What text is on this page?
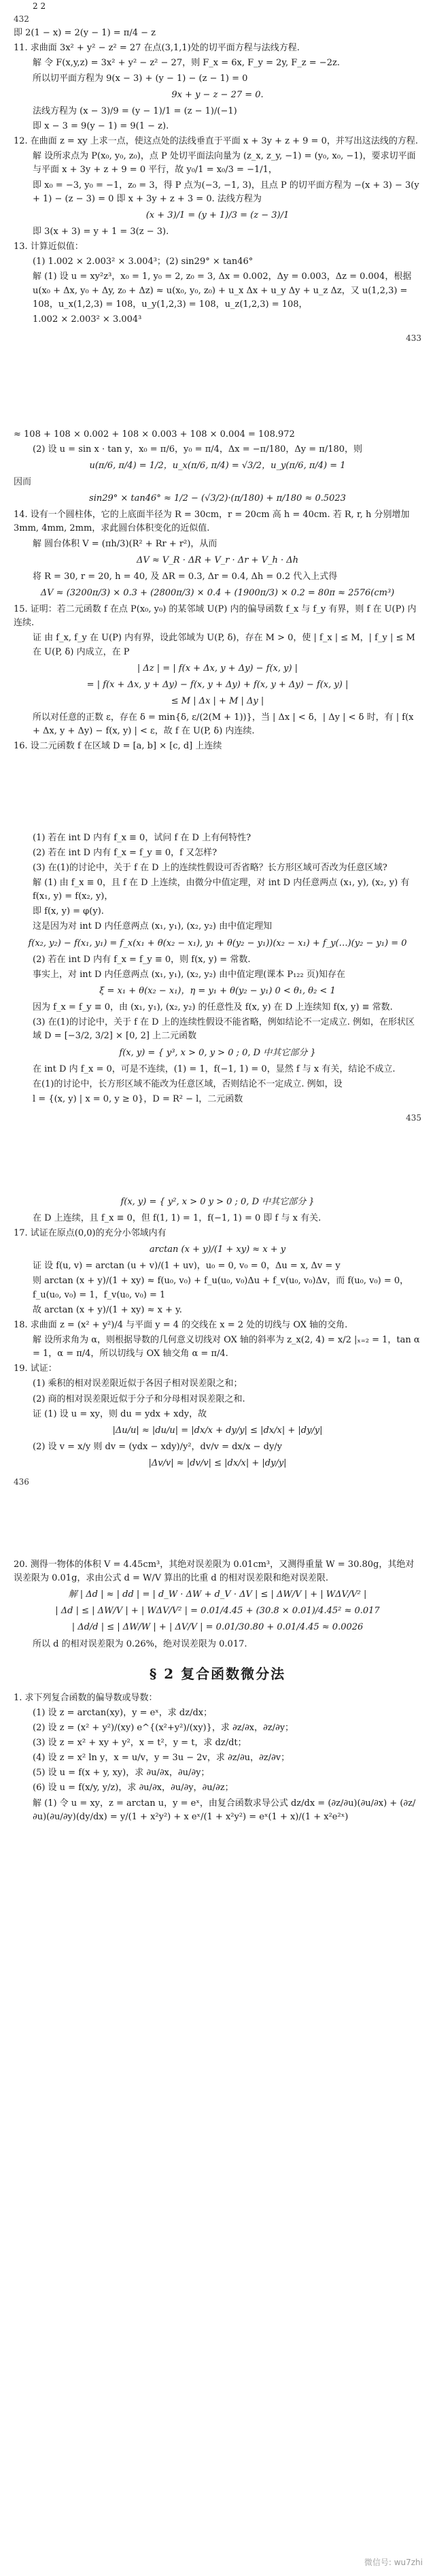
2 2
432

即 2(1 − x) = 2(y − 1) = π/4 − z

11. 求曲面 3x² + y² − z² = 27 在点(3,1,1)处的切平面方程与法线方程.

解 令 F(x,y,z) = 3x² + y² − z² − 27，则 F_x = 6x, F_y = 2y, F_z = −2z.

所以切平面方程为 9(x − 3) + (y − 1) − (z − 1) = 0

9x + y − z − 27 = 0.

法线方程为 (x − 3)/9 = (y − 1)/1 = (z − 1)/(−1)

即 x − 3 = 9(y − 1) = 9(1 − z).

12. 在曲面 z = xy 上求一点，使这点处的法线垂直于平面 x + 3y + z + 9 = 0，并写出这法线的方程.

解 设所求点为 P(x₀, y₀, z₀)，点 P 处切平面法向量为 (z_x, z_y, −1) = (y₀, x₀, −1)，要求切平面与平面 x + 3y + z + 9 = 0 平行，故 y₀/1 = x₀/3 = −1/1，

即 x₀ = −3, y₀ = −1，z₀ = 3，得 P 点为(−3, −1, 3)，且点 P 的切平面方程为 −(x + 3) − 3(y + 1) − (z − 3) = 0 即 x + 3y + z + 3 = 0. 法线方程为

(x + 3)/1 = (y + 1)/3 = (z − 3)/1

即 3(x + 3) = y + 1 = 3(z − 3).

13. 计算近似值：

(1) 1.002 × 2.003² × 3.004³；(2) sin29° × tan46°

解 (1) 设 u = xy²z³，x₀ = 1, y₀ = 2, z₀ = 3, Δx = 0.002，Δy = 0.003，Δz = 0.004，根据 u(x₀ + Δx, y₀ + Δy, z₀ + Δz) ≈ u(x₀, y₀, z₀) + u_x Δx + u_y Δy + u_z Δz，又 u(1,2,3) = 108，u_x(1,2,3) = 108，u_y(1,2,3) = 108，u_z(1,2,3) = 108，

1.002 × 2.003² × 3.004³

433

≈ 108 + 108 × 0.002 + 108 × 0.003 + 108 × 0.004 = 108.972

(2) 设 u = sin x · tan y，x₀ = π/6，y₀ = π/4，Δx = −π/180，Δy = π/180，则

u(π/6, π/4) = 1/2，u_x(π/6, π/4) = √3/2，u_y(π/6, π/4) = 1

因而

sin29° × tan46° ≈ 1/2 − (√3/2)·(π/180) + π/180 ≈ 0.5023

14. 设有一个圆柱体，它的上底面半径为 R = 30cm，r = 20cm 高 h = 40cm. 若 R, r, h 分别增加 3mm, 4mm, 2mm，求此圆台体积变化的近似值.

解 圆台体积 V = (πh/3)(R² + Rr + r²)，从而

ΔV ≈ V_R · ΔR + V_r · Δr + V_h · Δh

将 R = 30, r = 20, h = 40, 及 ΔR = 0.3, Δr = 0.4, Δh = 0.2 代入上式得

ΔV ≈ (3200π/3) × 0.3 + (2800π/3) × 0.4 + (1900π/3) × 0.2 = 80π ≈ 2576(cm³)

15. 证明：若二元函数 f 在点 P(x₀, y₀) 的某邻域 U(P) 内的偏导函数 f_x 与 f_y 有界，则 f 在 U(P) 内连续.

证 由 f_x, f_y 在 U(P) 内有界，设此邻域为 U(P, δ)，存在 M > 0，使 | f_x | ≤ M，| f_y | ≤ M 在 U(P, δ) 内成立，在 P

| Δz | = | f(x + Δx, y + Δy) − f(x, y) |

= | f(x + Δx, y + Δy) − f(x, y + Δy) + f(x, y + Δy) − f(x, y) |

≤ M | Δx | + M | Δy |

所以对任意的正数 ε，存在 δ = min{δ, ε/(2(M + 1))}，当 | Δx | < δ，| Δy | < δ 时，有 | f(x + Δx, y + Δy) − f(x, y) | < ε，故 f 在 U(P, δ) 内连续.

16. 设二元函数 f 在区域 D = [a, b] × [c, d] 上连续

(1) 若在 int D 内有 f_x ≡ 0，试问 f 在 D 上有何特性?

(2) 若在 int D 内有 f_x = f_y ≡ 0，f 又怎样?

(3) 在(1)的讨论中，关于 f 在 D 上的连续性假设可否省略？长方形区域可否改为任意区域?

解 (1) 由 f_x ≡ 0，且 f 在 D 上连续，由微分中值定理，对 int D 内任意两点 (x₁, y), (x₂, y) 有 f(x₁, y) = f(x₂, y)，

即 f(x, y) = φ(y).

这是因为对 int D 内任意两点 (x₁, y₁), (x₂, y₂) 由中值定理知

f(x₂, y₂) − f(x₁, y₁) = f_x(x₁ + θ(x₂ − x₁), y₁ + θ(y₂ − y₁))(x₂ − x₁) + f_y(…)(y₂ − y₁) = 0

(2) 若在 int D 内有 f_x = f_y ≡ 0，则 f(x, y) = 常数.

事实上，对 int D 内任意两点 (x₁, y₁), (x₂, y₂) 由中值定理(课本 P₁₂₂ 页)知存在

ξ = x₁ + θ(x₂ − x₁)，η = y₁ + θ(y₂ − y₁) 0 < θ₁, θ₂ < 1

因为 f_x = f_y ≡ 0，由 (x₁, y₁), (x₂, y₂) 的任意性及 f(x, y) 在 D 上连续知 f(x, y) ≡ 常数.

(3) 在(1)的讨论中，关于 f 在 D 上的连续性假设不能省略，例如结论不一定成立. 例如，在形状区域 D = [−3/2, 3/2] × [0, 2] 上二元函数

f(x, y) = { y³, x > 0, y > 0 ; 0, D 中其它部分 }

在 int D 内 f_x = 0，可是不连续，(1) = 1，f(−1, 1) = 0，显然 f 与 x 有关，结论不成立.

在(1)的讨论中，长方形区域不能改为任意区域，否则结论不一定成立. 例如，设

l = {(x, y) | x = 0, y ≥ 0}，D = R² − l，二元函数

435

f(x, y) = { y², x > 0 y > 0 ; 0, D 中其它部分 }

在 D 上连续，且 f_x ≡ 0，但 f(1, 1) = 1，f(−1, 1) = 0 即 f 与 x 有关.

17. 试证在原点(0,0)的充分小邻域内有

arctan (x + y)/(1 + xy) ≈ x + y

证 设 f(u, v) = arctan (u + v)/(1 + uv)，u₀ = 0, v₀ = 0，Δu = x, Δv = y

则 arctan (x + y)/(1 + xy) ≈ f(u₀, v₀) + f_u(u₀, v₀)Δu + f_v(u₀, v₀)Δv，而 f(u₀, v₀) = 0，f_u(u₀, v₀) = 1，f_v(u₀, v₀) = 1

故 arctan (x + y)/(1 + xy) ≈ x + y.

18. 求曲面 z = (x² + y²)/4 与平面 y = 4 的交线在 x = 2 处的切线与 OX 轴的交角.

解 设所求角为 α，则根据导数的几何意义切线对 OX 轴的斜率为 z_x(2, 4) = x/2 |ₓ₌₂ = 1，tan α = 1，α = π/4，所以切线与 OX 轴交角 α = π/4.

19. 试证：

(1) 乘积的相对误差限近似于各因子相对误差限之和；

(2) 商的相对误差限近似于分子和分母相对误差限之和.

证 (1) 设 u = xy，则 du = ydx + xdy，故

|Δu/u| ≈ |du/u| = |dx/x + dy/y| ≤ |dx/x| + |dy/y|

(2) 设 v = x/y 则 dv = (ydx − xdy)/y²，dv/v = dx/x − dy/y

|Δv/v| ≈ |dv/v| ≤ |dx/x| + |dy/y|

436

20. 测得一物体的体积 V = 4.45cm³，其绝对误差限为 0.01cm³，又测得重量 W = 30.80g，其绝对误差限为 0.01g，求由公式 d = W/V 算出的比重 d 的相对误差限和绝对误差限.

解 | Δd | ≈ | dd | = | d_W · ΔW + d_V · ΔV | ≤ | ΔW/V | + | WΔV/V² |

| Δd | ≤ | ΔW/V | + | WΔV/V² | = 0.01/4.45 + (30.8 × 0.01)/4.45² ≈ 0.017

| Δd/d | ≤ | ΔW/W | + | ΔV/V | = 0.01/30.80 + 0.01/4.45 ≈ 0.0026

所以 d 的相对误差限为 0.26%，绝对误差限为 0.017.

§ 2 复合函数微分法

1. 求下列复合函数的偏导数或导数：

(1) 设 z = arctan(xy)，y = eˣ，求 dz/dx；

(2) 设 z = (x² + y²)/(xy) e^{(x²+y²)/(xy)}，求 ∂z/∂x，∂z/∂y；

(3) 设 z = x² + xy + y²，x = t²，y = t，求 dz/dt；

(4) 设 z = x² ln y，x = u/v，y = 3u − 2v，求 ∂z/∂u，∂z/∂v；

(5) 设 u = f(x + y, xy)，求 ∂u/∂x，∂u/∂y；

(6) 设 u = f(x/y, y/z)，求 ∂u/∂x，∂u/∂y，∂u/∂z；

解 (1) 令 u = xy，z = arctan u，y = eˣ，由复合函数求导公式 dz/dx = (∂z/∂u)(∂u/∂x) + (∂z/∂u)(∂u/∂y)(dy/dx) = y/(1 + x²y²) + x eˣ/(1 + x²y²) = eˣ(1 + x)/(1 + x²e²ˣ)

微信号: wu7zhi
